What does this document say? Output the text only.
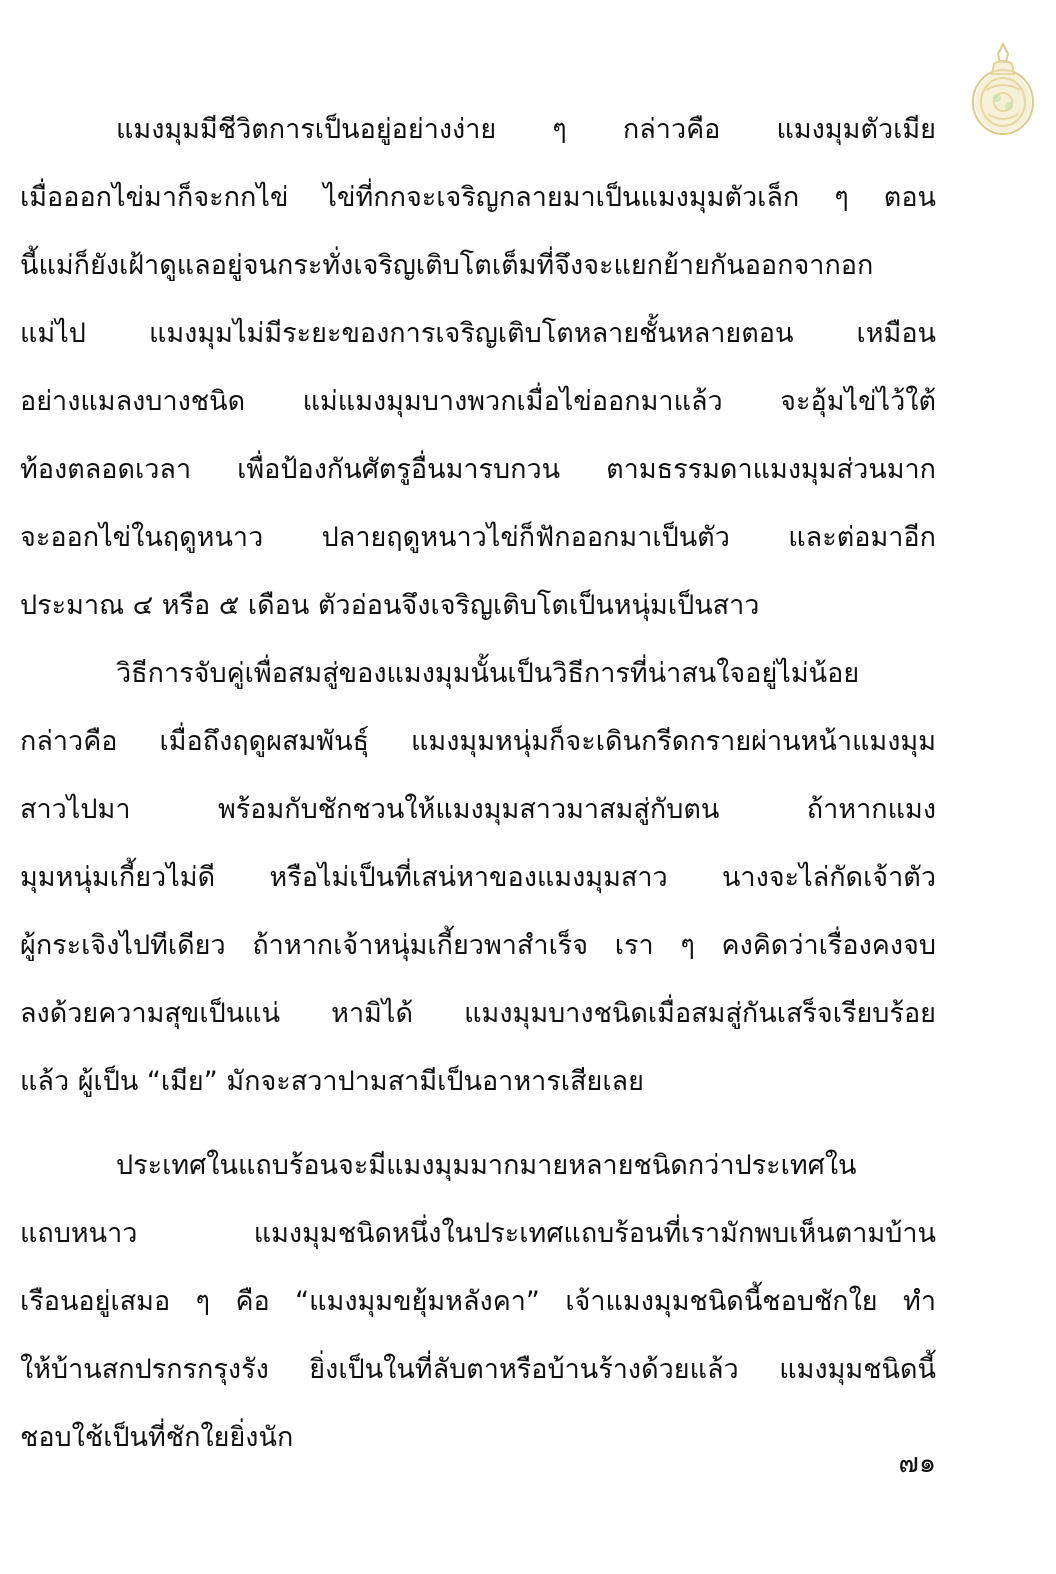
แมงมุมมีชีวิตการเป็นอยู่อย่างง่าย ๆ กล่าวคือ แมงมุมตัวเมีย
เมื่อออกไข่มาก็จะกกไข่ ไข่ที่กกจะเจริญกลายมาเป็นแมงมุมตัวเล็ก ๆ ตอน
นี้แม่ก็ยังเฝ้าดูแลอยู่จนกระทั่งเจริญเติบโตเต็มที่จึงจะแยกย้ายกันออกจากอก
แม่ไป แมงมุมไม่มีระยะของการเจริญเติบโตหลายชั้นหลายตอน เหมือน
อย่างแมลงบางชนิด แม่แมงมุมบางพวกเมื่อไข่ออกมาแล้ว จะอุ้มไข่ไว้ใต้
ท้องตลอดเวลา เพื่อป้องกันศัตรูอื่นมารบกวน ตามธรรมดาแมงมุมส่วนมาก
จะออกไข่ในฤดูหนาว ปลายฤดูหนาวไข่ก็ฟักออกมาเป็นตัว และต่อมาอีก
ประมาณ ๔ หรือ ๕ เดือน ตัวอ่อนจึงเจริญเติบโตเป็นหนุ่มเป็นสาว
วิธีการจับคู่เพื่อสมสู่ของแมงมุมนั้นเป็นวิธีการที่น่าสนใจอยู่ไม่น้อย
กล่าวคือ เมื่อถึงฤดูผสมพันธุ์ แมงมุมหนุ่มก็จะเดินกรีดกรายผ่านหน้าแมงมุม
สาวไปมา พร้อมกับชักชวนให้แมงมุมสาวมาสมสู่กับตน ถ้าหากแมง
มุมหนุ่มเกี้ยวไม่ดี หรือไม่เป็นที่เสน่หาของแมงมุมสาว นางจะไล่กัดเจ้าตัว
ผู้กระเจิงไปทีเดียว ถ้าหากเจ้าหนุ่มเกี้ยวพาสำเร็จ เรา ๆ คงคิดว่าเรื่องคงจบ
ลงด้วยความสุขเป็นแน่ หามิได้ แมงมุมบางชนิดเมื่อสมสู่กันเสร็จเรียบร้อย
แล้ว ผู้เป็น “เมีย” มักจะสวาปามสามีเป็นอาหารเสียเลย
ประเทศในแถบร้อนจะมีแมงมุมมากมายหลายชนิดกว่าประเทศใน
แถบหนาว แมงมุมชนิดหนึ่งในประเทศแถบร้อนที่เรามักพบเห็นตามบ้าน
เรือนอยู่เสมอ ๆ คือ “แมงมุมขยุ้มหลังคา” เจ้าแมงมุมชนิดนี้ชอบชักใย ทำ
ให้บ้านสกปรกรกรุงรัง ยิ่งเป็นในที่ลับตาหรือบ้านร้างด้วยแล้ว แมงมุมชนิดนี้
ชอบใช้เป็นที่ชักใยยิ่งนัก
๗๑
